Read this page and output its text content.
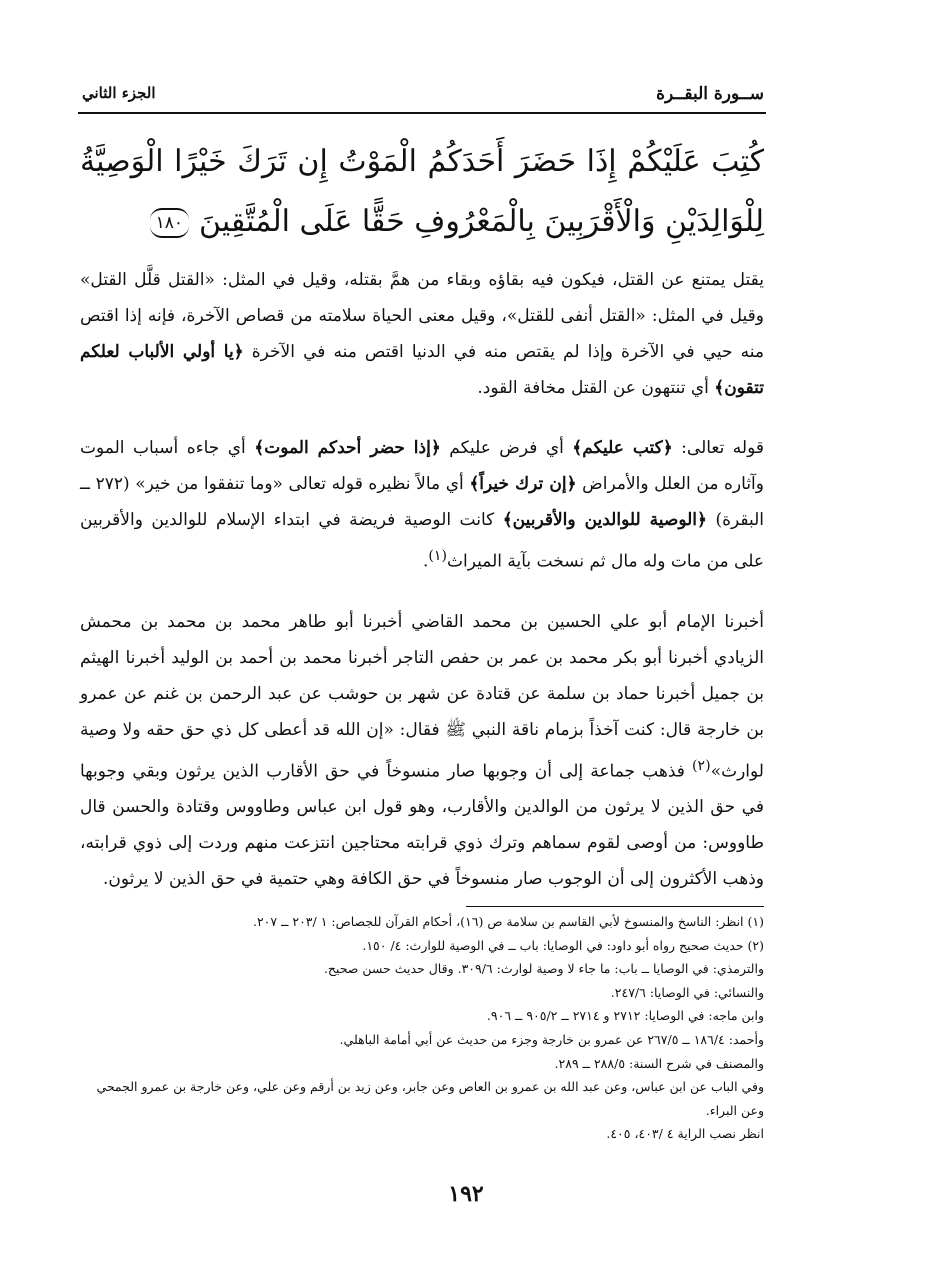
ســورة البقــرة
الجزء الثاني
كُتِبَ عَلَيْكُمْ إِذَا حَضَرَ أَحَدَكُمُ الْمَوْتُ إِن تَرَكَ خَيْرًا الْوَصِيَّةُ لِلْوَالِدَيْنِ وَالْأَقْرَبِينَ بِالْمَعْرُوفِ حَقًّا عَلَى الْمُتَّقِينَ١٨٠

يقتل يمتنع عن القتل، فيكون فيه بقاؤه وبقاء من همَّ بقتله، وقيل في المثل: «القتل قلَّل القتل» وقيل في المثل: «القتل أنفى للقتل»، وقيل معنى الحياة سلامته من قصاص الآخرة، فإنه إذا اقتص منه حيي في الآخرة وإذا لم يقتص منه في الدنيا اقتص منه في الآخرة ﴿يا أولي الألباب لعلكم تتقون﴾ أي تنتهون عن القتل مخافة القود.

قوله تعالى: ﴿كتب عليكم﴾ أي فرض عليكم ﴿إذا حضر أحدكم الموت﴾ أي جاءه أسباب الموت وآثاره من العلل والأمراض ﴿إن ترك خيراً﴾ أي مالاً نظيره قوله تعالى «وما تنفقوا من خير» (٢٧٢ ــ البقرة) ﴿الوصية للوالدين والأقربين﴾ كانت الوصية فريضة في ابتداء الإسلام للوالدين والأقربين على من مات وله مال ثم نسخت بآية الميراث$^{(١)}$.

أخبرنا الإمام أبو علي الحسين بن محمد القاضي أخبرنا أبو طاهر محمد بن محمد بن محمش الزيادي أخبرنا أبو بكر محمد بن عمر بن حفص التاجر أخبرنا محمد بن أحمد بن الوليد أخبرنا الهيثم بن جميل أخبرنا حماد بن سلمة عن قتادة عن شهر بن حوشب عن عبد الرحمن بن غنم عن عمرو بن خارجة قال: كنت آخذاً بزمام ناقة النبي ﷺ فقال: «إن الله قد أعطى كل ذي حق حقه ولا وصية لوارث»$^{(٢)}$ فذهب جماعة إلى أن وجوبها صار منسوخاً في حق الأقارب الذين يرثون وبقي وجوبها في حق الذين لا يرثون من الوالدين والأقارب، وهو قول ابن عباس وطاووس وقتادة والحسن قال طاووس: من أوصى لقوم سماهم وترك ذوي قرابته محتاجين انتزعت منهم وردت إلى ذوي قرابته، وذهب الأكثرون إلى أن الوجوب صار منسوخاً في حق الكافة وهي حتمية في حق الذين لا يرثون.

(١) انظر: الناسخ والمنسوخ لأبي القاسم بن سلامة ص (١٦)، أحكام القرآن للجصاص: ١ /٢٠٣ ــ ٢٠٧.
(٢) حديث صحيح رواه أبو داود: في الوصايا: باب ــ في الوصية للوارث: ٤/ ١٥٠.
والترمذي: في الوصايا ــ باب: ما جاء لا وصية لوارث: ٣٠٩/٦. وقال حديث حسن صحيح.
والنسائي: في الوصايا: ٢٤٧/٦.
وابن ماجه: في الوصايا: ٢٧١٢ و ٢٧١٤ ــ ٩٠٥/٢ ــ ٩٠٦.
وأحمد: ١٨٦/٤ ــ ٢٦٧/٥ عن عمرو بن خارجة وجزء من حديث عن أبي أمامة الباهلي.
والمصنف في شرح السنة: ٢٨٨/٥ ــ ٢٨٩.
وفي الباب عن ابن عباس، وعن عبد الله بن عمرو بن العاص وعن جابر، وعن زيد بن أرقم وعن علي، وعن خارجة بن عمرو الجمحي وعن البراء.
انظر نصب الراية ٤ /٤٠٣، ٤٠٥.
١٩٢
